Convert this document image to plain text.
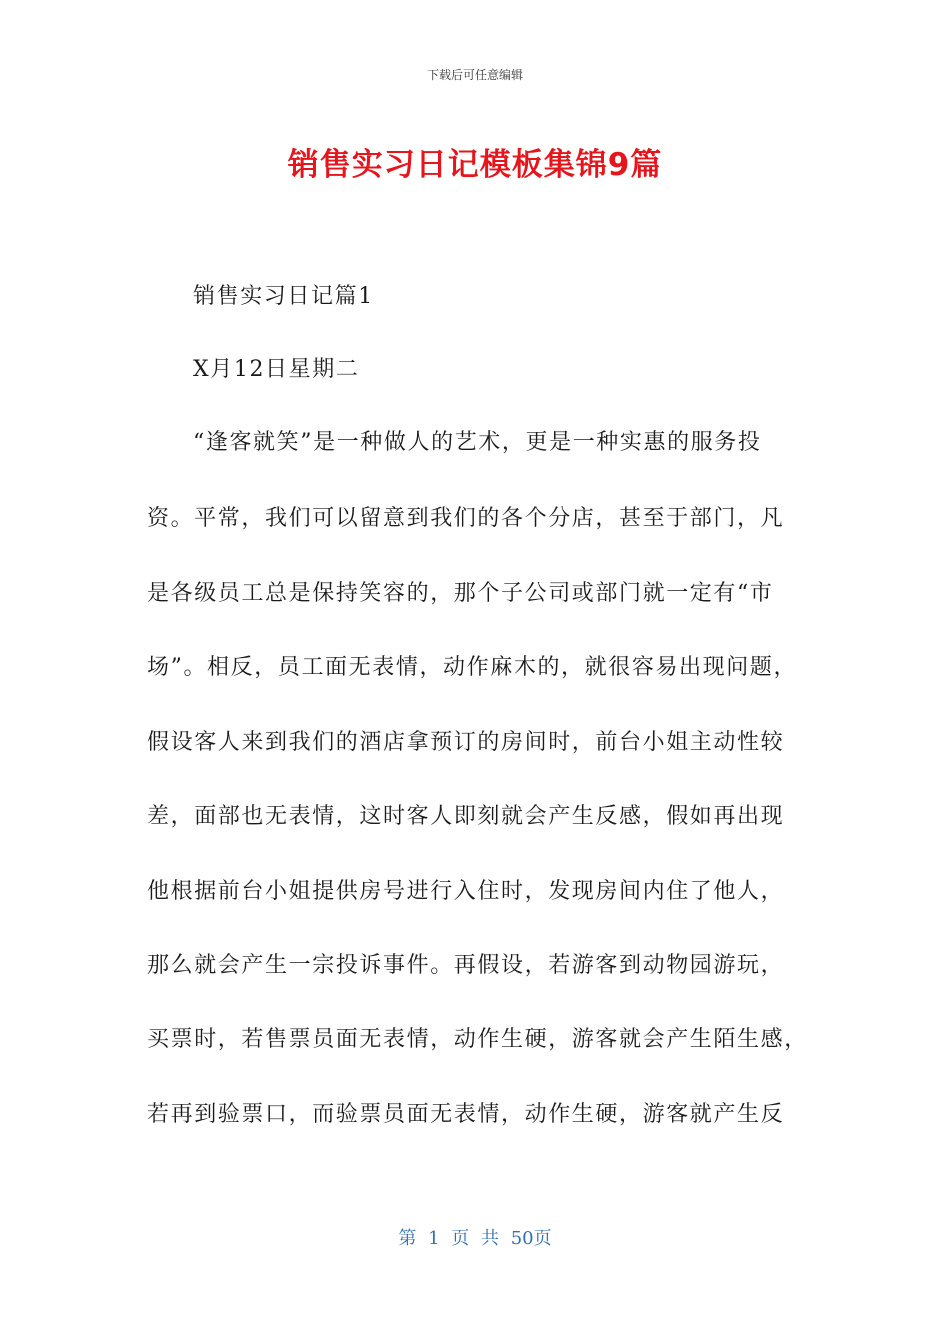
下载后可任意编辑
销售实习日记模板集锦9篇
销售实习日记篇1
X月12日星期二
“逢客就笑”是一种做人的艺术，更是一种实惠的服务投
资。平常，我们可以留意到我们的各个分店，甚至于部门，凡
是各级员工总是保持笑容的，那个子公司或部门就一定有“市
场”。相反，员工面无表情，动作麻木的，就很容易出现问题，
假设客人来到我们的酒店拿预订的房间时，前台小姐主动性较
差，面部也无表情，这时客人即刻就会产生反感，假如再出现
他根据前台小姐提供房号进行入住时，发现房间内住了他人，
那么就会产生一宗投诉事件。再假设，若游客到动物园游玩，
买票时，若售票员面无表情，动作生硬，游客就会产生陌生感，
若再到验票口，而验票员面无表情，动作生硬，游客就产生反
第 1 页 共 50页
